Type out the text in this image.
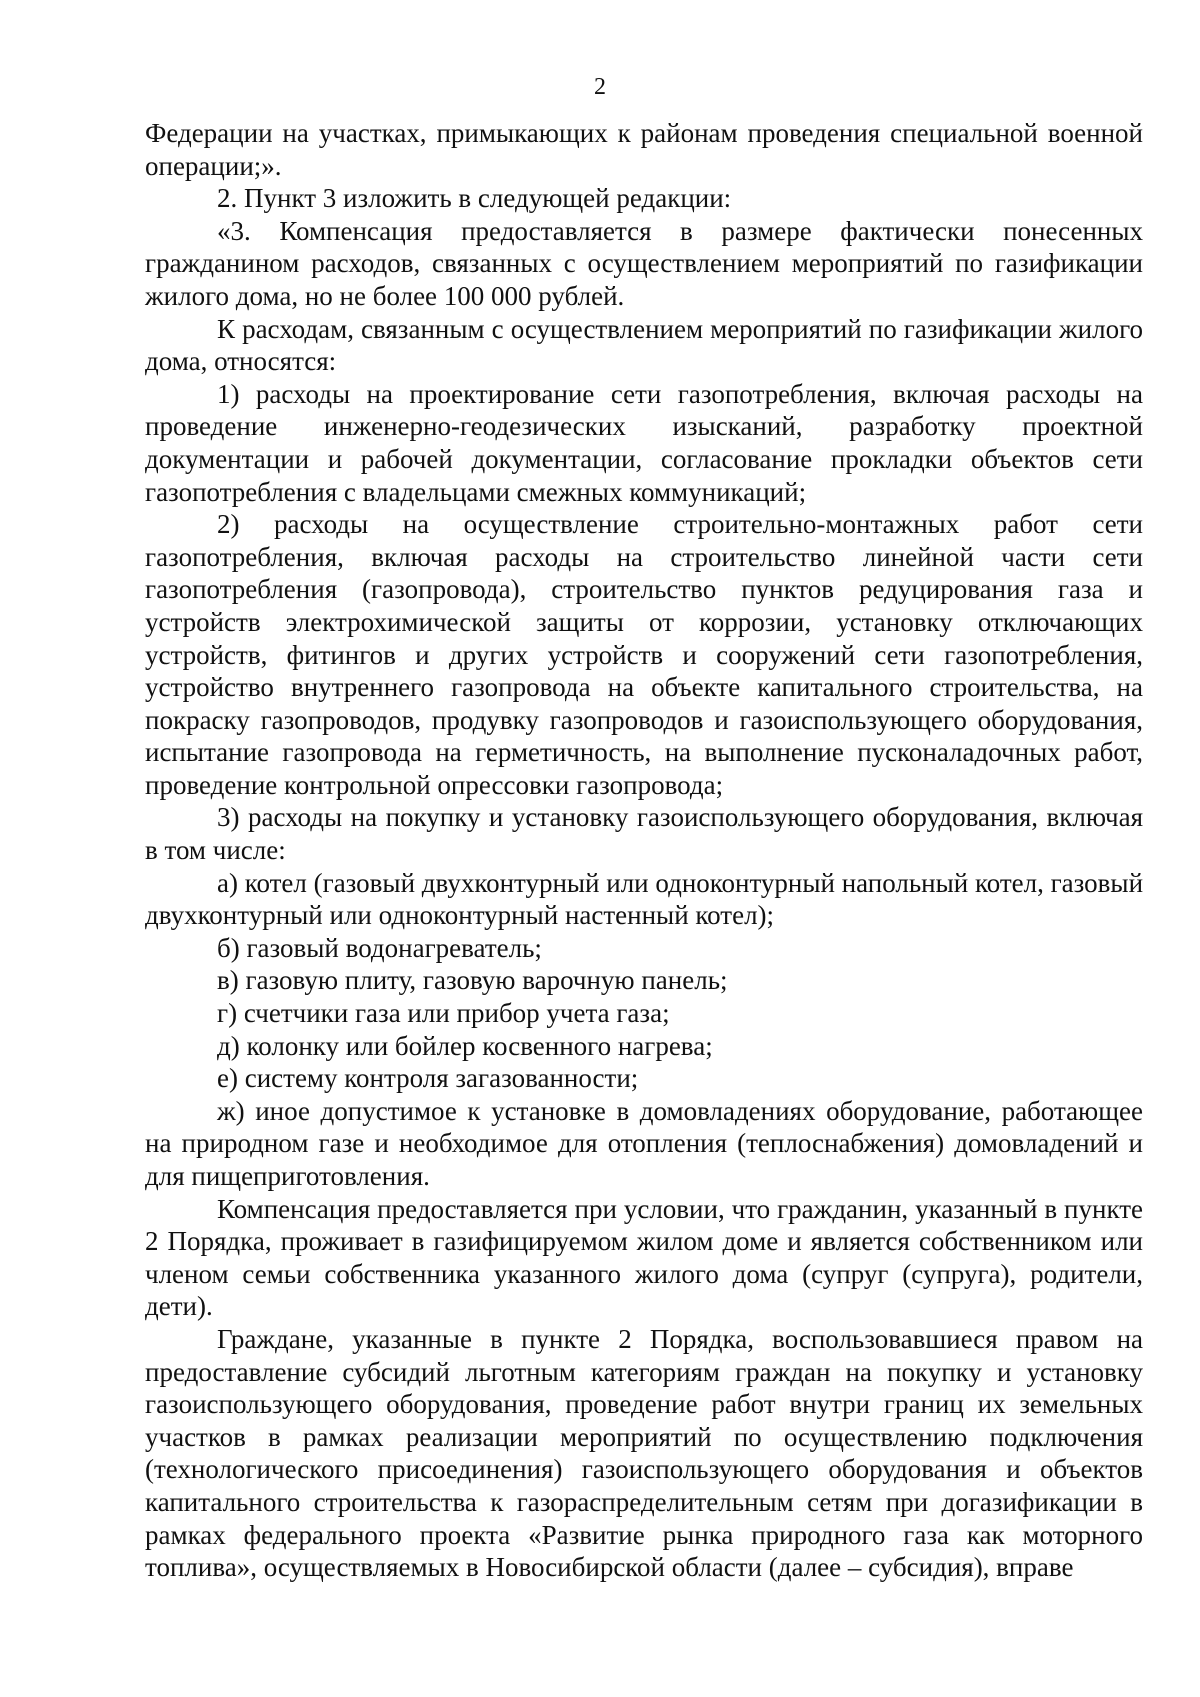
2

Федерации на участках, примыкающих к районам проведения специальной военной операции;».

2. Пункт 3 изложить в следующей редакции:

«3. Компенсация предоставляется в размере фактически понесенных гражданином расходов, связанных с осуществлением мероприятий по газификации жилого дома, но не более 100 000 рублей.

К расходам, связанным с осуществлением мероприятий по газификации жилого дома, относятся:

1) расходы на проектирование сети газопотребления, включая расходы на проведение инженерно-геодезических изысканий, разработку проектной документации и рабочей документации, согласование прокладки объектов сети газопотребления с владельцами смежных коммуникаций;

2) расходы на осуществление строительно-монтажных работ сети газопотребления, включая расходы на строительство линейной части сети газопотребления (газопровода), строительство пунктов редуцирования газа и устройств электрохимической защиты от коррозии, установку отключающих устройств, фитингов и других устройств и сооружений сети газопотребления, устройство внутреннего газопровода на объекте капитального строительства, на покраску газопроводов, продувку газопроводов и газоиспользующего оборудования, испытание газопровода на герметичность, на выполнение пусконаладочных работ, проведение контрольной опрессовки газопровода;

3) расходы на покупку и установку газоиспользующего оборудования, включая в том числе:

а) котел (газовый двухконтурный или одноконтурный напольный котел, газовый двухконтурный или одноконтурный настенный котел);

б) газовый водонагреватель;

в) газовую плиту, газовую варочную панель;

г) счетчики газа или прибор учета газа;

д) колонку или бойлер косвенного нагрева;

е) систему контроля загазованности;

ж) иное допустимое к установке в домовладениях оборудование, работающее на природном газе и необходимое для отопления (теплоснабжения) домовладений и для пищеприготовления.

Компенсация предоставляется при условии, что гражданин, указанный в пункте 2 Порядка, проживает в газифицируемом жилом доме и является собственником или членом семьи собственника указанного жилого дома (супруг (супруга), родители, дети).

Граждане, указанные в пункте 2 Порядка, воспользовавшиеся правом на предоставление субсидий льготным категориям граждан на покупку и установку газоиспользующего оборудования, проведение работ внутри границ их земельных участков в рамках реализации мероприятий по осуществлению подключения (технологического присоединения) газоиспользующего оборудования и объектов капитального строительства к газораспределительным сетям при догазификации в рамках федерального проекта «Развитие рынка природного газа как моторного топлива», осуществляемых в Новосибирской области (далее – субсидия), вправе
